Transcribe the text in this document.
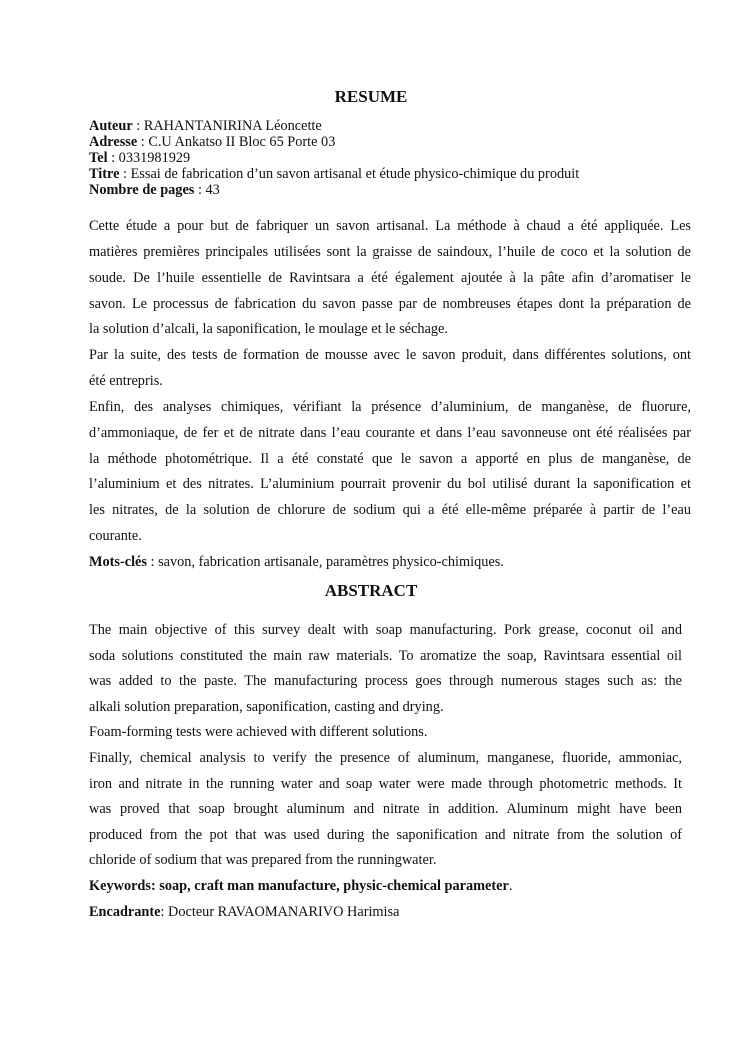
RESUME
Auteur : RAHANTANIRINA Léoncette
Adresse : C.U Ankatso II Bloc 65 Porte 03
Tel : 0331981929
Titre : Essai de fabrication d’un savon artisanal et étude physico-chimique du produit
Nombre de pages : 43
Cette étude a pour but de fabriquer un savon artisanal. La méthode à chaud a été appliquée. Les
matières premières principales utilisées sont la graisse de saindoux, l’huile de coco et la solution de
soude. De l’huile essentielle de Ravintsara a été également ajoutée à la pâte afin d’aromatiser le
savon. Le processus de fabrication du savon passe par de nombreuses étapes dont la préparation de
la solution d’alcali, la saponification, le moulage et le séchage.
Par la suite, des tests de formation de mousse avec le savon produit, dans différentes solutions, ont
été entrepris.
Enfin, des analyses chimiques, vérifiant la présence d’aluminium, de manganèse, de fluorure,
d’ammoniaque, de fer et de nitrate dans l’eau courante et dans l’eau savonneuse ont été réalisées par
la méthode photométrique. Il a été constaté que le savon a apporté en plus de manganèse, de
l’aluminium et des nitrates. L’aluminium pourrait provenir du bol utilisé durant la saponification et
les nitrates, de la solution de chlorure de sodium qui a été elle-même préparée à partir de l’eau
courante.
Mots-clés : savon, fabrication artisanale, paramètres physico-chimiques.
ABSTRACT
The main objective of this survey dealt with soap manufacturing. Pork grease, coconut oil and
soda solutions constituted the main raw materials. To aromatize the soap, Ravintsara essential oil
was added to the paste. The manufacturing process goes through numerous stages such as: the
alkali solution preparation, saponification, casting and drying.
Foam-forming tests were achieved with different solutions.
Finally, chemical analysis to verify the presence of aluminum, manganese, fluoride, ammoniac,
iron and nitrate in the running water and soap water were made through photometric methods. It
was proved that soap brought aluminum and nitrate in addition. Aluminum might have been
produced from the pot that was used during the saponification and nitrate from the solution of
chloride of sodium that was prepared from the runningwater.
Keywords: soap, craft man manufacture, physic-chemical parameter.
Encadrante: Docteur RAVAOMANARIVO Harimisa
